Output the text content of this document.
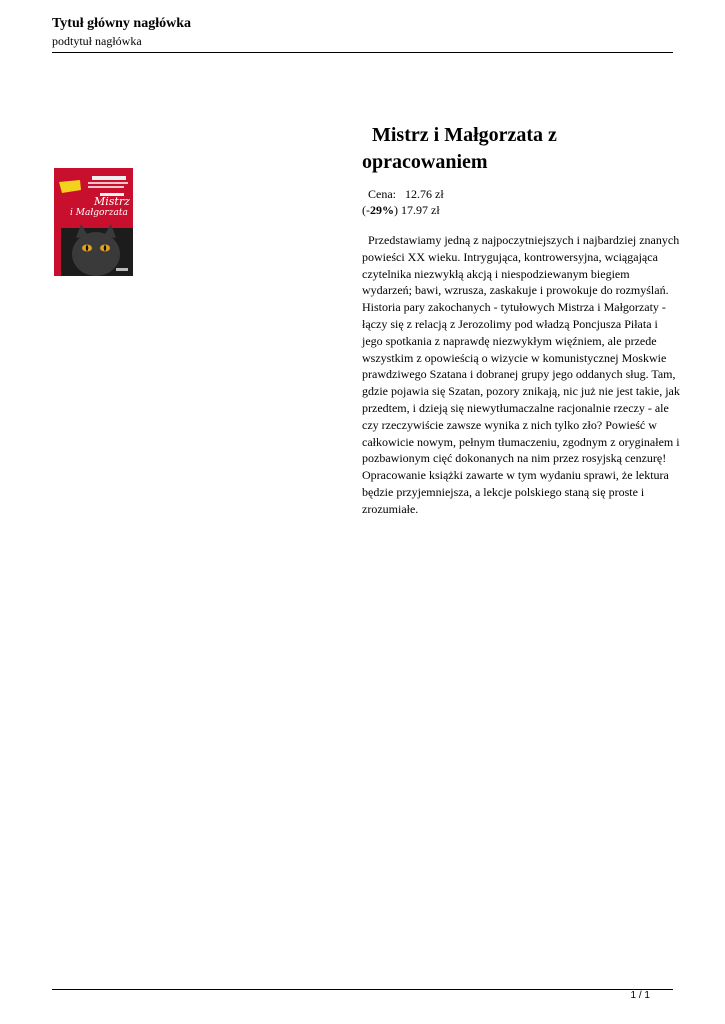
Tytuł główny nagłówka
podtytuł nagłówka
Mistrz
i Małgorzata
Mistrz i Małgorzata z opracowaniem
Cena: 12.76 zł
(-29%) 17.97 zł

Przedstawiamy jedną z najpoczytniejszych i najbardziej znanych powieści XX wieku. Intrygująca, kontrowersyjna, wciągająca czytelnika niezwykłą akcją i niespodziewanym biegiem wydarzeń; bawi, wzrusza, zaskakuje i prowokuje do rozmyślań. Historia pary zakochanych - tytułowych Mistrza i Małgorzaty - łączy się z relacją z Jerozolimy pod władzą Poncjusza Piłata i jego spotkania z naprawdę niezwykłym więźniem, ale przede wszystkim z opowieścią o wizycie w komunistycznej Moskwie prawdziwego Szatana i dobranej grupy jego oddanych sług. Tam, gdzie pojawia się Szatan, pozory znikają, nic już nie jest takie, jak przedtem, i dzieją się niewytłumaczalne racjonalnie rzeczy - ale czy rzeczywiście zawsze wynika z nich tylko zło? Powieść w całkowicie nowym, pełnym tłumaczeniu, zgodnym z oryginałem i pozbawionym cięć dokonanych na nim przez rosyjską cenzurę! Opracowanie książki zawarte w tym wydaniu sprawi, że lektura będzie przyjemniejsza, a lekcje polskiego staną się proste i zrozumiałe.

1 / 1
